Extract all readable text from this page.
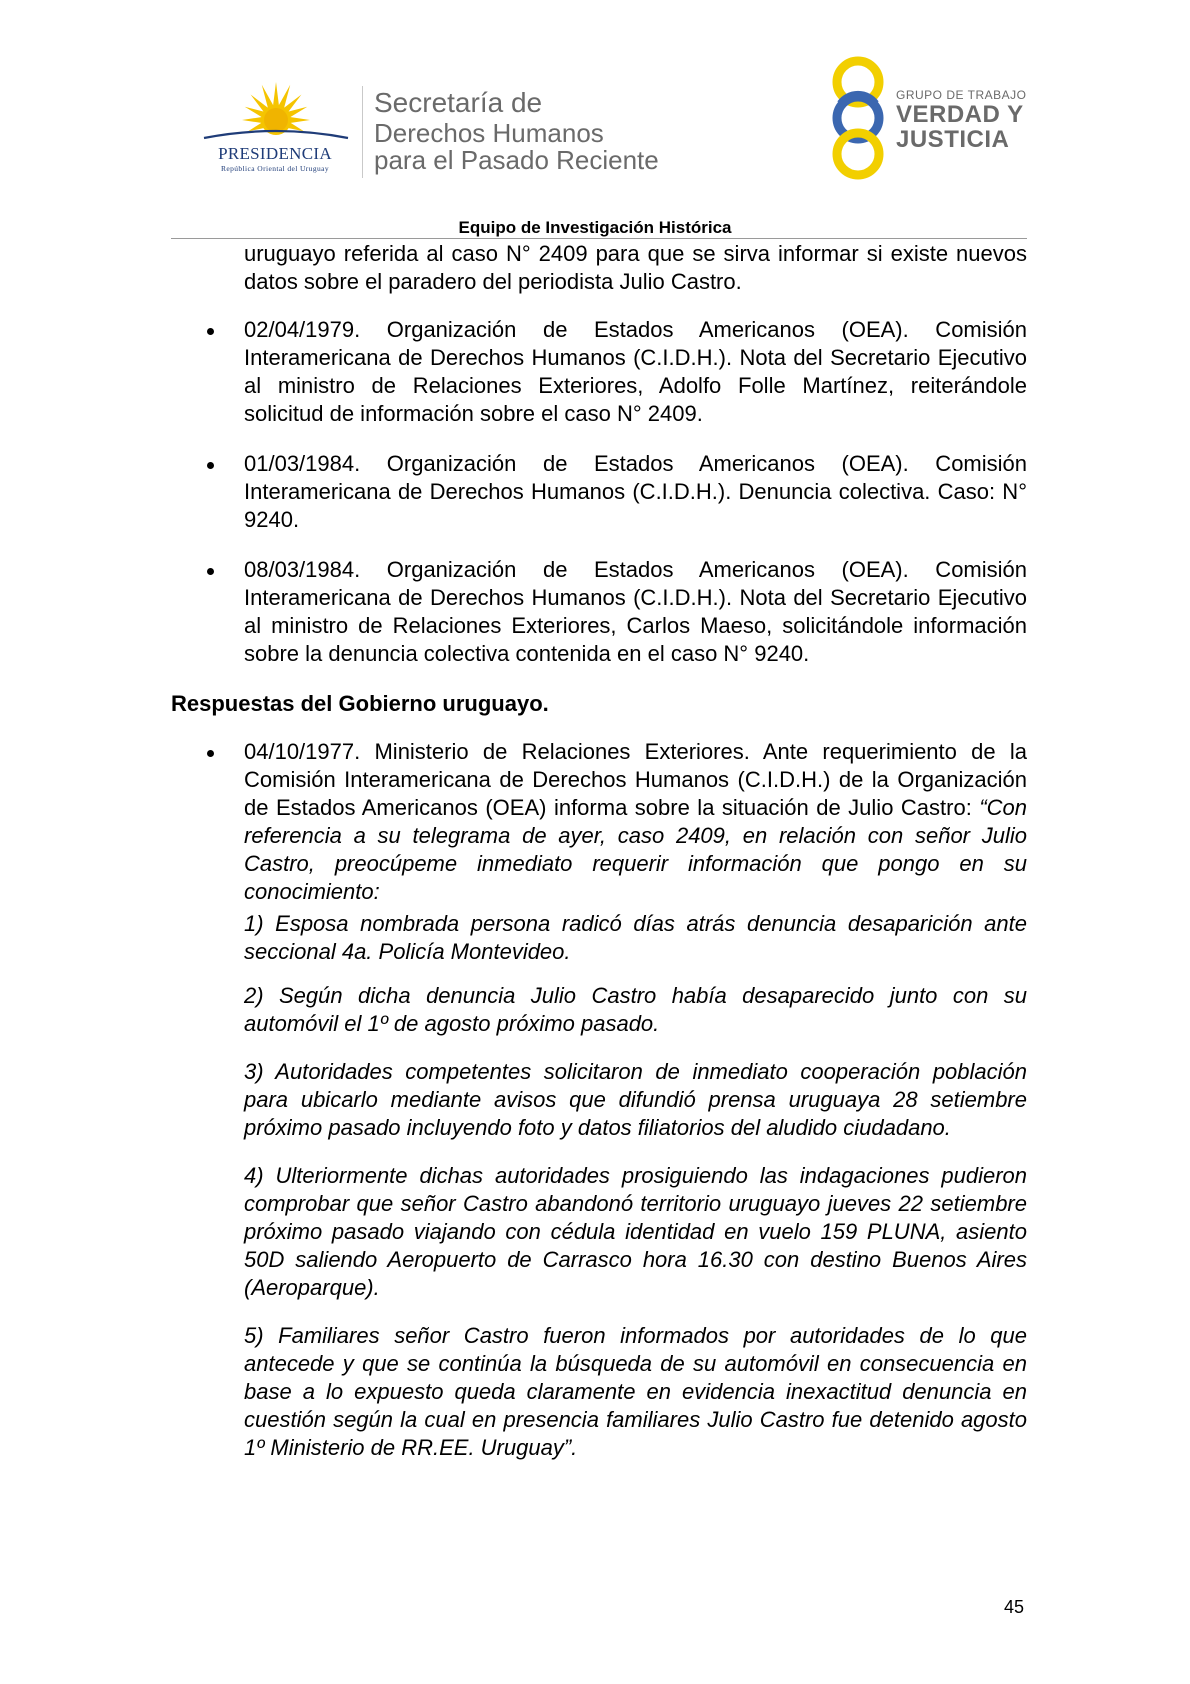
PRESIDENCIA
República Oriental del Uruguay
Secretaría de
Derechos Humanos
para el Pasado Reciente
GRUPO DE TRABAJO
VERDAD Y
JUSTICIA
Equipo de Investigación Histórica

uruguayo referida al caso N° 2409 para que se sirva informar si existe nuevos datos sobre el paradero del periodista Julio Castro.

02/04/1979. Organización de Estados Americanos (OEA). Comisión Interamericana de Derechos Humanos (C.I.D.H.). Nota del Secretario Ejecutivo al ministro de Relaciones Exteriores, Adolfo Folle Martínez, reiterándole solicitud de información sobre el caso N° 2409.

01/03/1984. Organización de Estados Americanos (OEA). Comisión Interamericana de Derechos Humanos (C.I.D.H.). Denuncia colectiva. Caso: N° 9240.

08/03/1984. Organización de Estados Americanos (OEA). Comisión Interamericana de Derechos Humanos (C.I.D.H.). Nota del Secretario Ejecutivo al ministro de Relaciones Exteriores, Carlos Maeso, solicitándole información sobre la denuncia colectiva contenida en el caso N° 9240.

Respuestas del Gobierno uruguayo.

04/10/1977. Ministerio de Relaciones Exteriores. Ante requerimiento de la Comisión Interamericana de Derechos Humanos (C.I.D.H.) de la Organización de Estados Americanos (OEA) informa sobre la situación de Julio Castro: “Con referencia a su telegrama de ayer, caso 2409, en relación con señor Julio Castro, preocúpeme inmediato requerir información que pongo en su conocimiento:

1) Esposa nombrada persona radicó días atrás denuncia desaparición ante seccional 4a. Policía Montevideo.

2) Según dicha denuncia Julio Castro había desaparecido junto con su automóvil el 1º de agosto próximo pasado.

3) Autoridades competentes solicitaron de inmediato cooperación población para ubicarlo mediante avisos que difundió prensa uruguaya 28 setiembre próximo pasado incluyendo foto y datos filiatorios del aludido ciudadano.

4) Ulteriormente dichas autoridades prosiguiendo las indagaciones pudieron comprobar que señor Castro abandonó territorio uruguayo jueves 22 setiembre próximo pasado viajando con cédula identidad en vuelo 159 PLUNA, asiento 50D saliendo Aeropuerto de Carrasco hora 16.30 con destino Buenos Aires (Aeroparque).

5) Familiares señor Castro fueron informados por autoridades de lo que antecede y que se continúa la búsqueda de su automóvil en consecuencia en base a lo expuesto queda claramente en evidencia inexactitud denuncia en cuestión según la cual en presencia familiares Julio Castro fue detenido agosto 1º Ministerio de RR.EE. Uruguay”.

45
